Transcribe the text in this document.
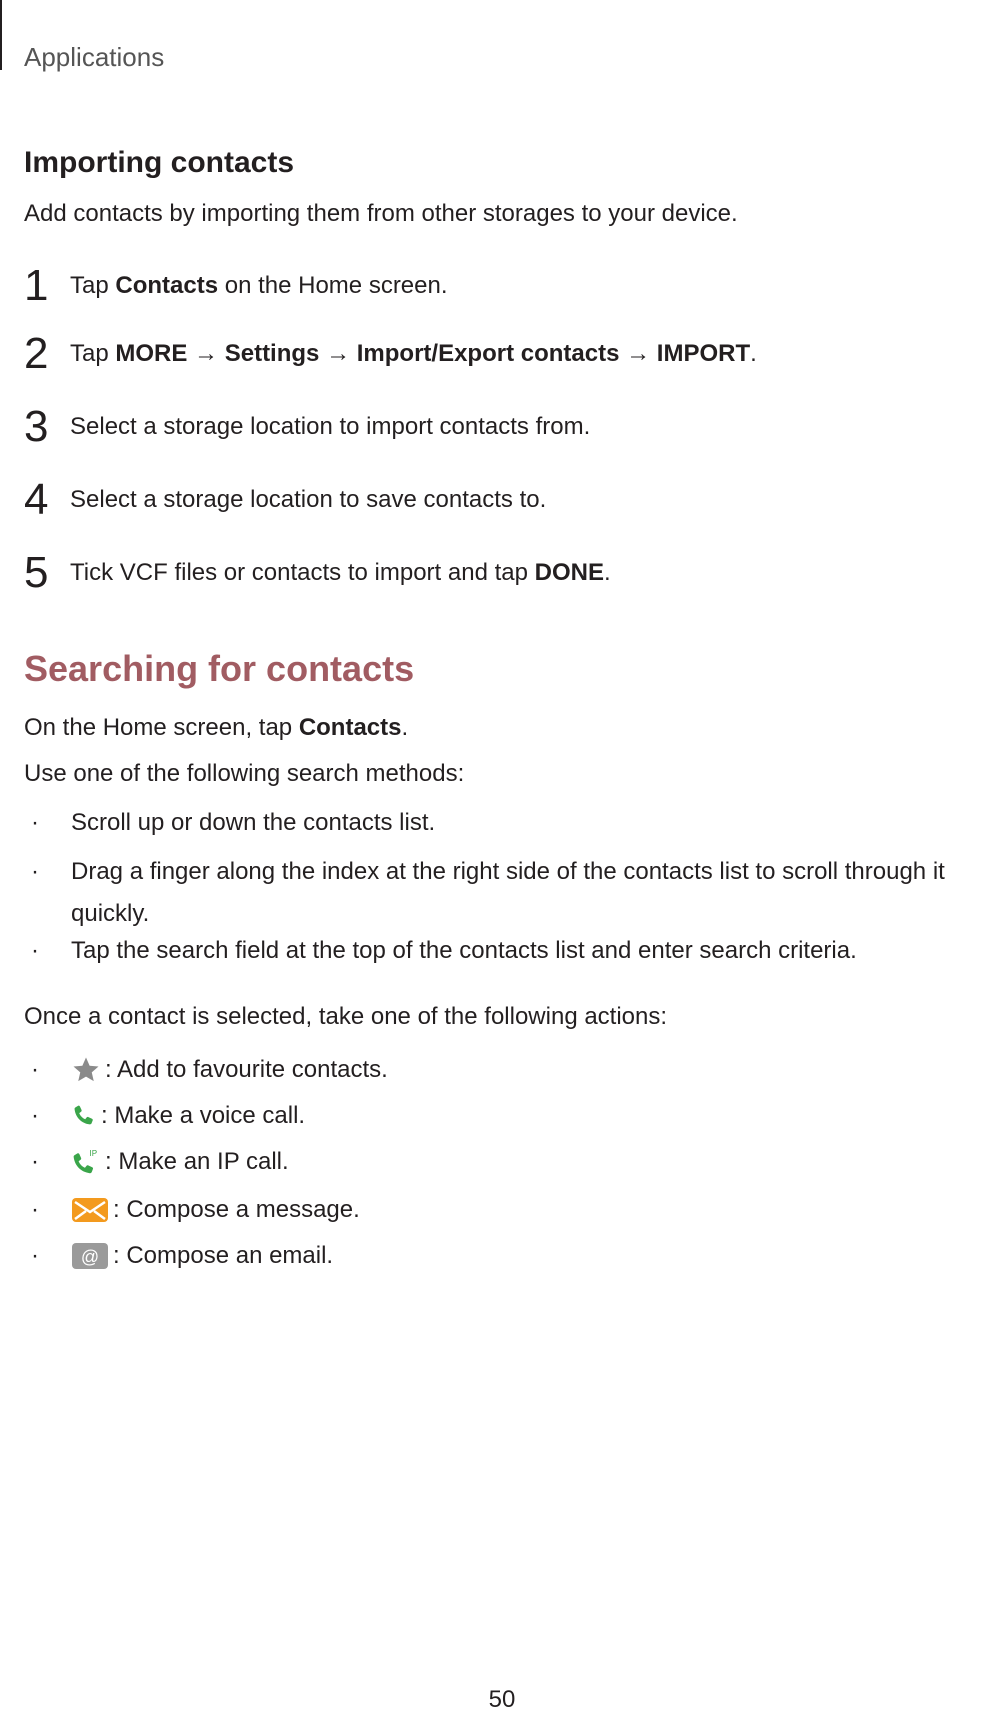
Applications
Importing contacts
Add contacts by importing them from other storages to your device.
1 Tap Contacts on the Home screen.
2 Tap MORE → Settings → Import/Export contacts → IMPORT.
3 Select a storage location to import contacts from.
4 Select a storage location to save contacts to.
5 Tick VCF files or contacts to import and tap DONE.
Searching for contacts
On the Home screen, tap Contacts.
Use one of the following search methods:
· Scroll up or down the contacts list.
· Drag a finger along the index at the right side of the contacts list to scroll through it quickly.
· Tap the search field at the top of the contacts list and enter search criteria.
Once a contact is selected, take one of the following actions:
·	: Add to favourite contacts.
·	: Make a voice call.
·	IP : Make an IP call.
·	: Compose a message.
·	@ : Compose an email.
50
